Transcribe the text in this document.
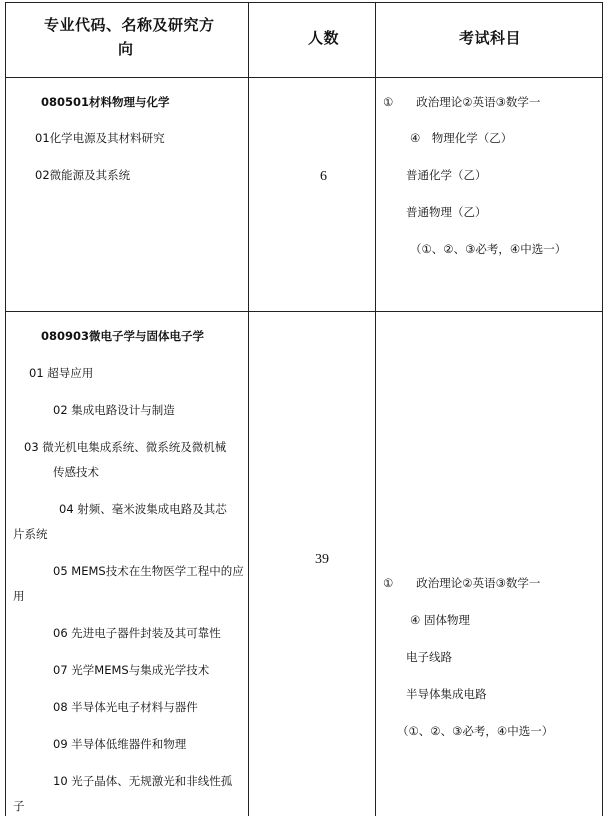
专业代码、名称及研究方
向
人数	考试科目
080501材料物理与化学
01化学电源及其材料研究
02微能源及其系统	6
①　　政治理论②英语③数学一
④　物理化学（乙）
普通化学（乙）
普通物理（乙）
（①、②、③必考，④中选一）
080903微电子学与固体电子学
01 超导应用
02 集成电路设计与制造
03 微光机电集成系统、微系统及微机械
传感技术
04 射频、毫米波集成电路及其芯
片系统
05 MEMS技术在生物医学工程中的应
用
06 先进电子器件封装及其可靠性
07 光学MEMS与集成光学技术
08 半导体光电子材料与器件
09 半导体低维器件和物理
10 光子晶体、无规激光和非线性孤
子
39
①　　政治理论②英语③数学一
④ 固体物理
电子线路
半导体集成电路
（①、②、③必考，④中选一）
